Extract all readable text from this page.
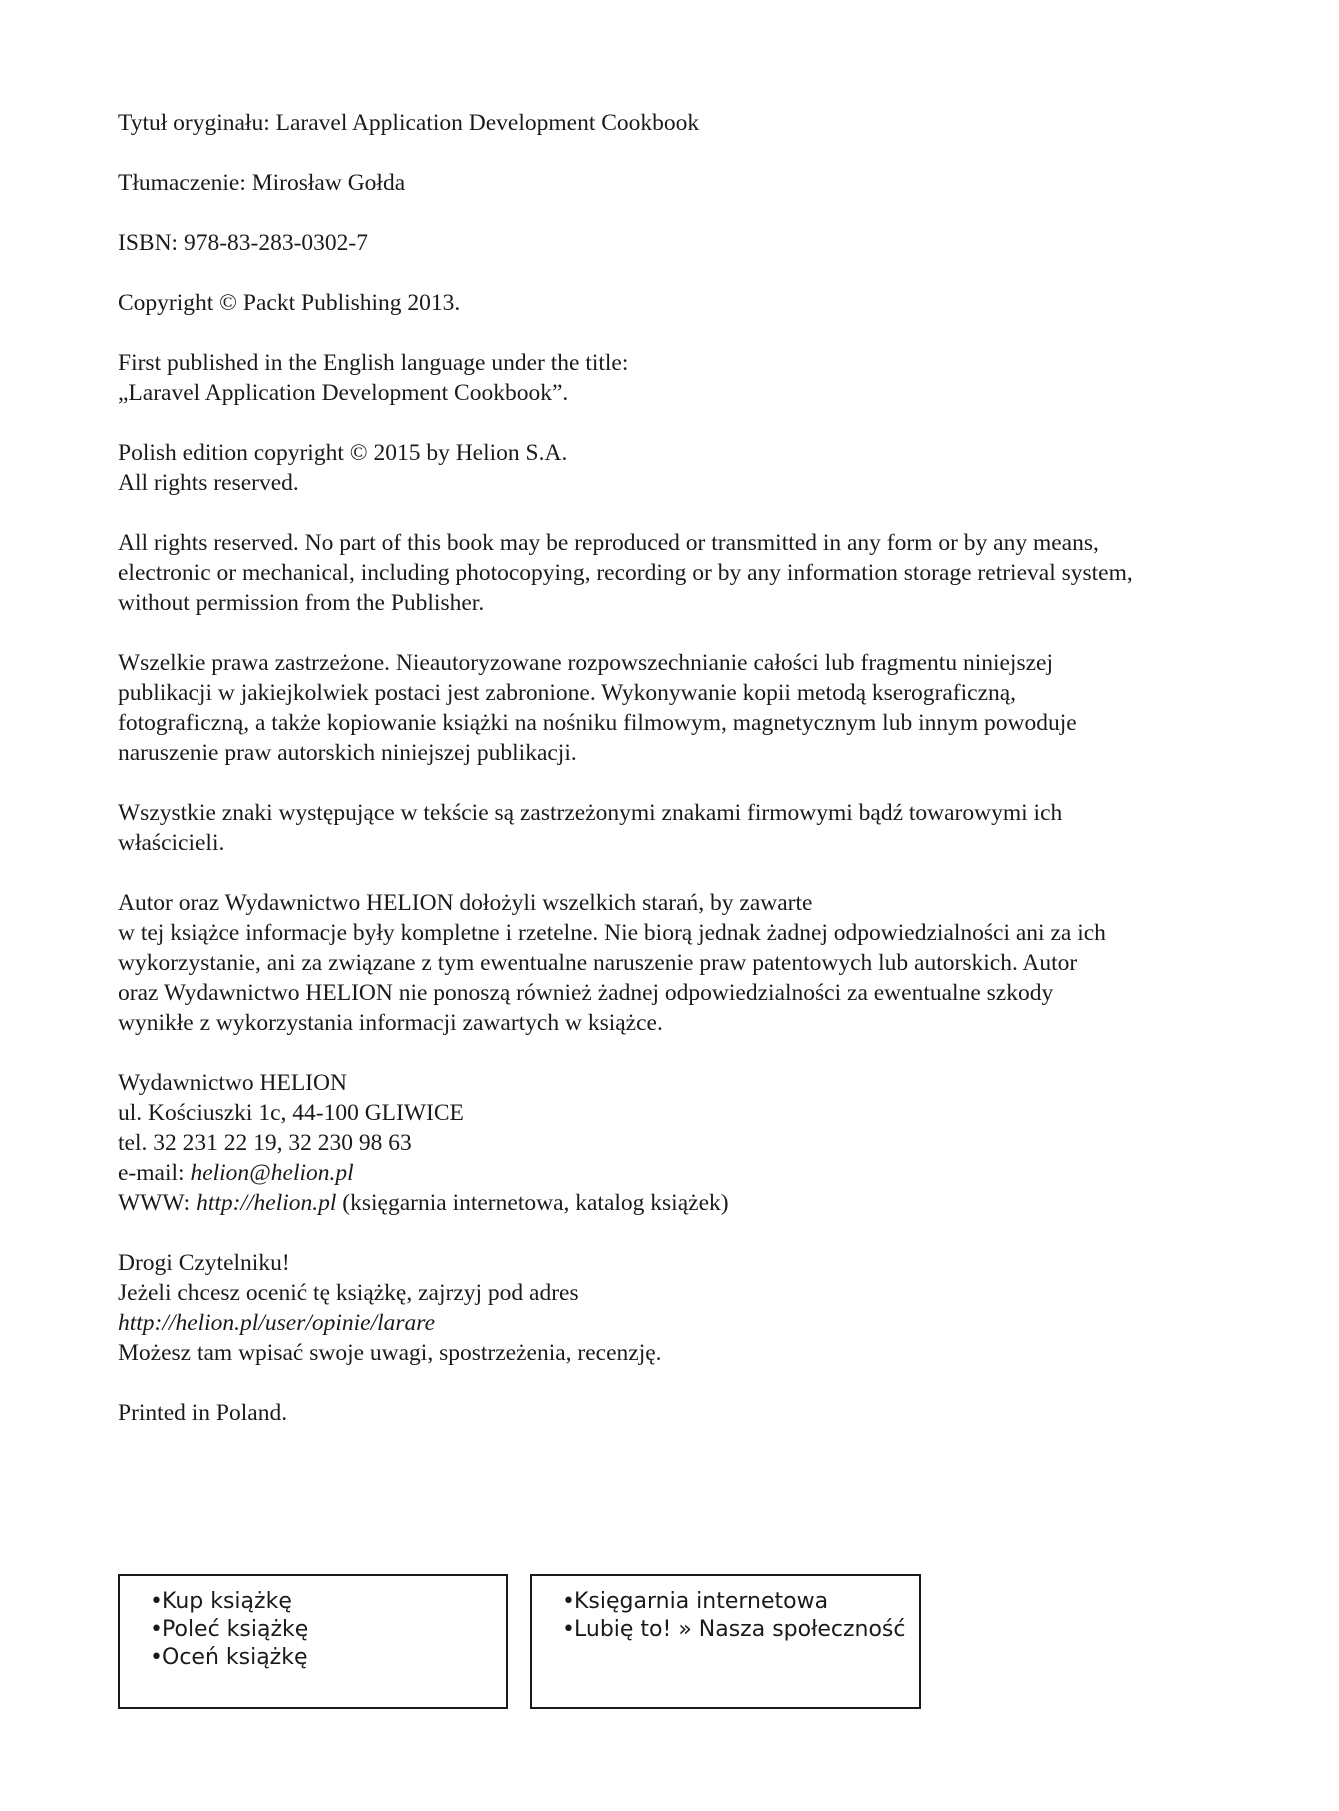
Tytuł oryginału: Laravel Application Development Cookbook

Tłumaczenie: Mirosław Gołda

ISBN: 978-83-283-0302-7

Copyright © Packt Publishing 2013.

First published in the English language under the title:
„Laravel Application Development Cookbook”.

Polish edition copyright © 2015 by Helion S.A.
All rights reserved.

All rights reserved. No part of this book may be reproduced or transmitted in any form or by any means,
electronic or mechanical, including photocopying, recording or by any information storage retrieval system,
without permission from the Publisher.

Wszelkie prawa zastrzeżone. Nieautoryzowane rozpowszechnianie całości lub fragmentu niniejszej
publikacji w jakiejkolwiek postaci jest zabronione. Wykonywanie kopii metodą kserograficzną,
fotograficzną, a także kopiowanie książki na nośniku filmowym, magnetycznym lub innym powoduje
naruszenie praw autorskich niniejszej publikacji.

Wszystkie znaki występujące w tekście są zastrzeżonymi znakami firmowymi bądź towarowymi ich
właścicieli.

Autor oraz Wydawnictwo HELION dołożyli wszelkich starań, by zawarte
w tej książce informacje były kompletne i rzetelne. Nie biorą jednak żadnej odpowiedzialności ani za ich
wykorzystanie, ani za związane z tym ewentualne naruszenie praw patentowych lub autorskich. Autor
oraz Wydawnictwo HELION nie ponoszą również żadnej odpowiedzialności za ewentualne szkody
wynikłe z wykorzystania informacji zawartych w książce.

Wydawnictwo HELION
ul. Kościuszki 1c, 44-100 GLIWICE
tel. 32 231 22 19, 32 230 98 63
e-mail: helion@helion.pl
WWW: http://helion.pl (księgarnia internetowa, katalog książek)

Drogi Czytelniku!
Jeżeli chcesz ocenić tę książkę, zajrzyj pod adres
http://helion.pl/user/opinie/larare
Możesz tam wpisać swoje uwagi, spostrzeżenia, recenzję.

Printed in Poland.

•Kup książkę
•Poleć książkę
•Oceń książkę
•Księgarnia internetowa
•Lubię to! » Nasza społeczność
